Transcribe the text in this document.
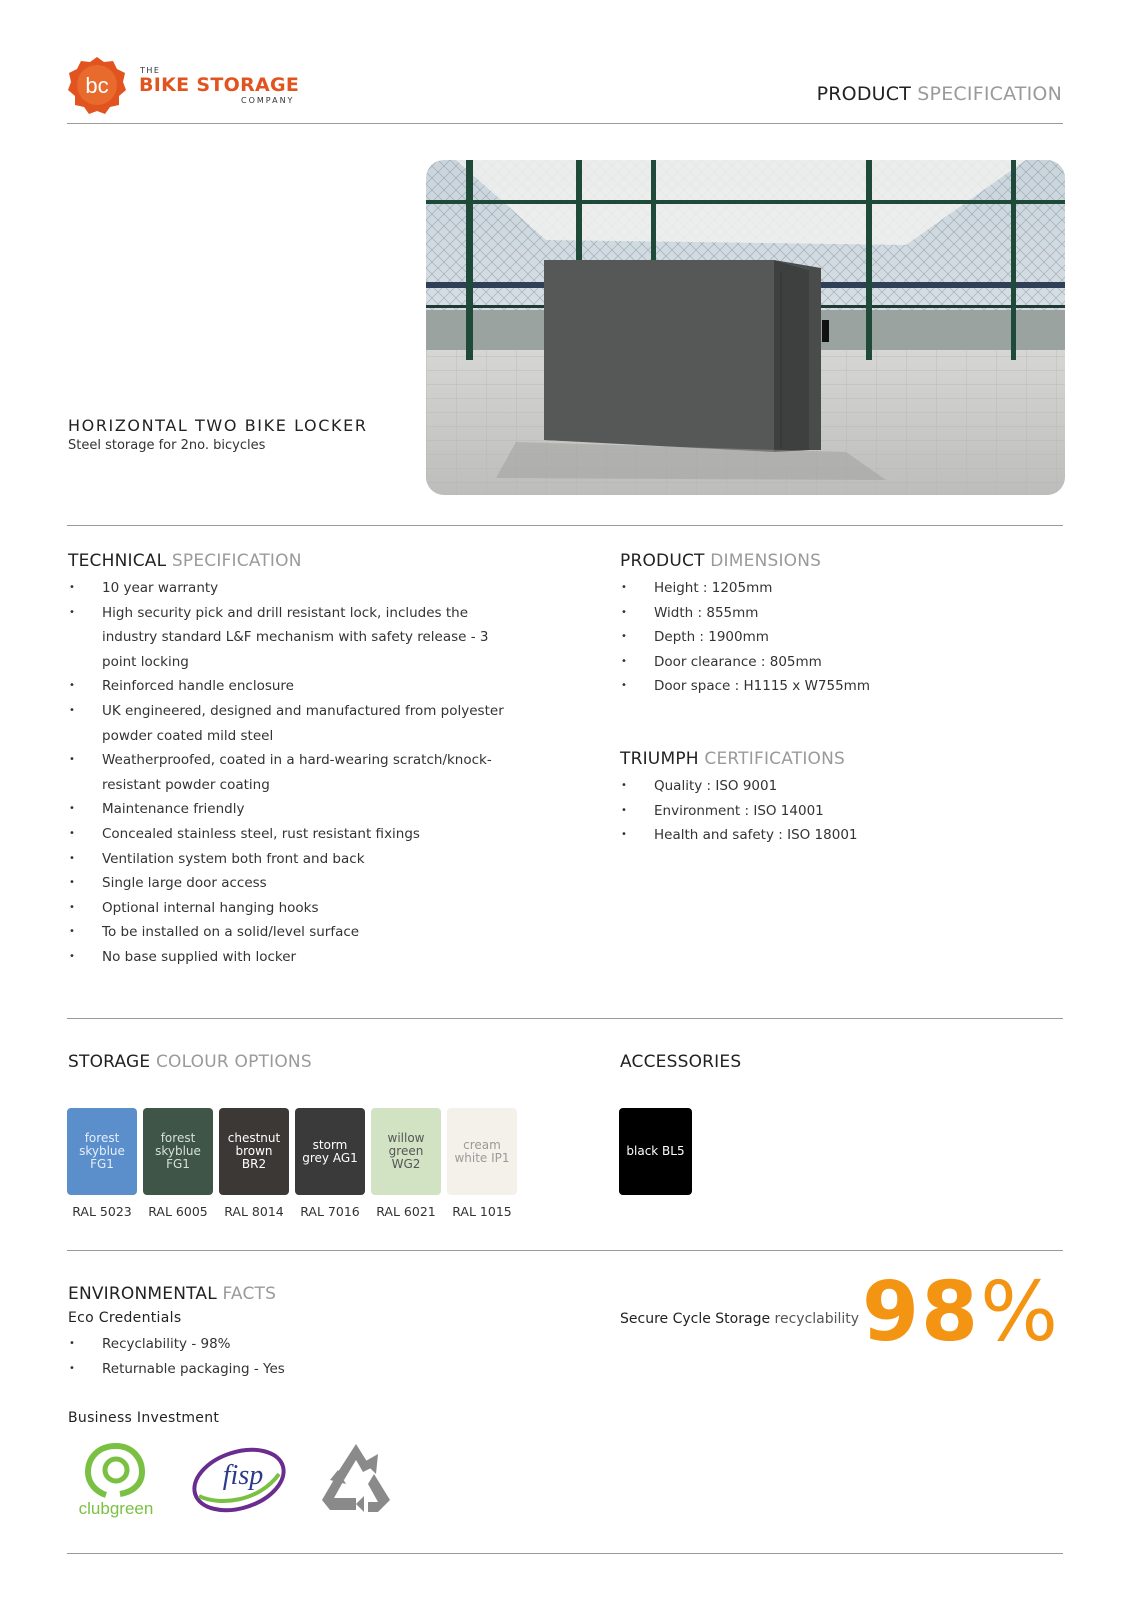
bc
THE
BIKE STORAGE
COMPANY	PRODUCT SPECIFICATION
HORIZONTAL TWO BIKE LOCKER
Steel storage for 2no. bicycles
TECHNICAL SPECIFICATION
• 10 year warranty
• High security pick and drill resistant lock, includes the industry standard L&F mechanism with safety release - 3 point locking
• Reinforced handle enclosure
• UK engineered, designed and manufactured from polyester powder coated mild steel
• Weatherproofed, coated in a hard-wearing scratch/knock-resistant powder coating
• Maintenance friendly
• Concealed stainless steel, rust resistant fixings
• Ventilation system both front and back
• Single large door access
• Optional internal hanging hooks
• To be installed on a solid/level surface
• No base supplied with locker
PRODUCT DIMENSIONS
• Height : 1205mm
• Width : 855mm
• Depth : 1900mm
• Door clearance : 805mm
• Door space : H1115 x W755mm
TRIUMPH CERTIFICATIONS
• Quality : ISO 9001
• Environment : ISO 14001
• Health and safety : ISO 18001
STORAGE COLOUR OPTIONS
forest skyblue FG1
RAL 5023
forest skyblue FG1
RAL 6005
chestnut brown BR2
RAL 8014
storm grey AG1
RAL 7016
willow green WG2
RAL 6021
cream white IP1
RAL 1015
ACCESSORIES
black BL5
ENVIRONMENTAL FACTS
Eco Credentials
• Recyclability - 98%
• Returnable packaging - Yes
Secure Cycle Storage recyclability 98%
Business Investment
clubgreen
fisp
